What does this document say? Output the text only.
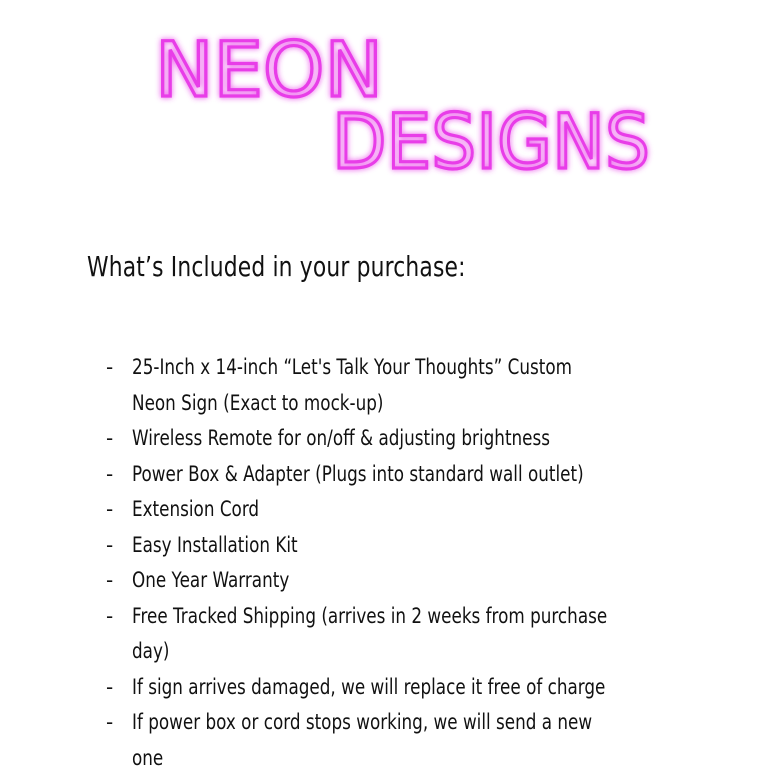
NEON
DESIGNS
What’s Included in your purchase:
- 25-Inch x 14-inch “Let's Talk Your Thoughts” Custom Neon Sign (Exact to mock-up)
- Wireless Remote for on/off & adjusting brightness
- Power Box & Adapter (Plugs into standard wall outlet)
- Extension Cord
- Easy Installation Kit
- One Year Warranty
- Free Tracked Shipping (arrives in 2 weeks from purchase day)
- If sign arrives damaged, we will replace it free of charge
- If power box or cord stops working, we will send a new one
